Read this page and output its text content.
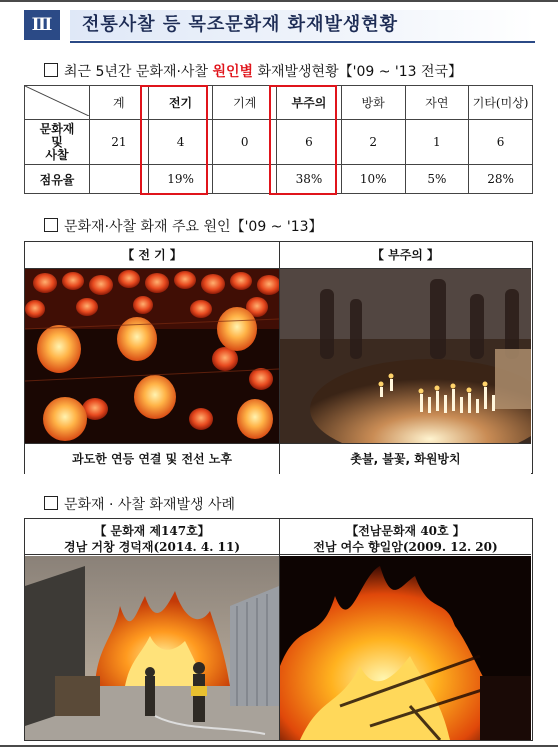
Ⅲ	전통사찰 등 목조문화재 화재발생현황
최근 5년간 문화재·사찰 원인별 화재발생현황【'09 ~ '13 전국】
	계	전기	기계	부주의	방화	자연	기타(미상)

문화재
및
사찰	21	4	0	6	2	1	6
점유율		19%		38%	10%	5%	28%
문화재·사찰 화재 주요 원인【'09 ~ '13】
【 전 기 】	【 부주의 】
과도한 연등 연결 및 전선 노후	촛불, 불꽃, 화원방치
문화재 · 사찰 화재발생 사례
【 문화재 제147호】
경남 거창 경덕재(2014. 4. 11)
【전남문화재 40호 】
전남 여수 향일암(2009. 12. 20)
